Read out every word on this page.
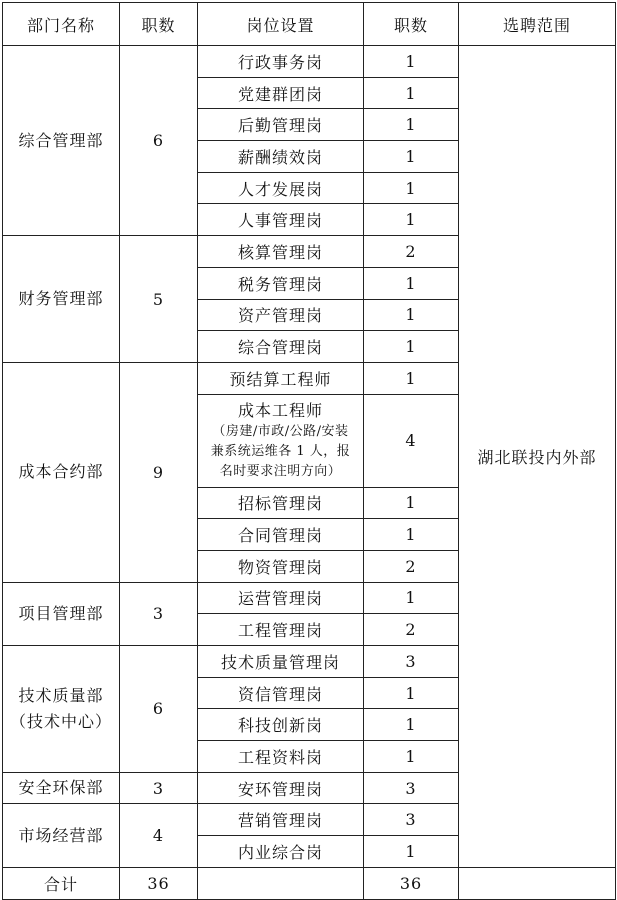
部门名称	职数	岗位设置	职数	选聘范围

综合管理部	6	行政事务岗	1	湖北联投内外部
		党建群团岗	1	
		后勤管理岗	1	
		薪酬绩效岗	1	
		人才发展岗	1	
		人事管理岗	1	

财务管理部	5	核算管理岗	2	
		税务管理岗	1	
		资产管理岗	1	
		综合管理岗	1	

成本合约部	9	预结算工程师	1	

		成本工程师
（房建/市政/公路/安装
兼系统运维各 1 人，报
名时要求注明方向）	4	
		招标管理岗	1	
		合同管理岗	1	
		物资管理岗	2	

项目管理部	3	运营管理岗	1	
		工程管理岗	2	

技术质量部
（技术中心）	6	技术质量管理岗	3	
		资信管理岗	1	
		科技创新岗	1	
		工程资料岗	1	

安全环保部	3	安环管理岗	3	

市场经营部	4	营销管理岗	3	
		内业综合岗	1	
合计	36		36	
